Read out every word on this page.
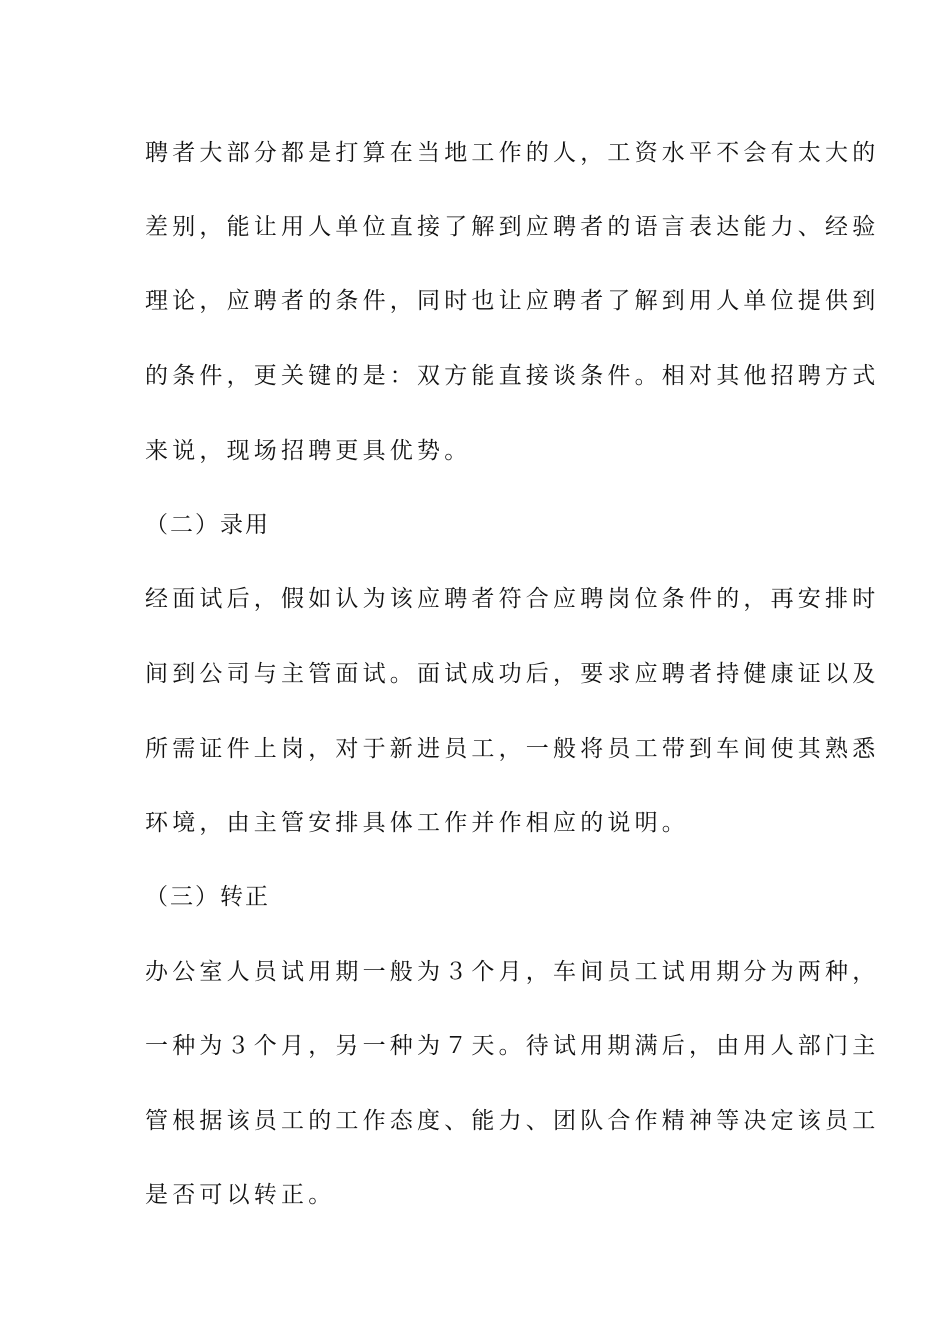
聘者大部分都是打算在当地工作的人，工资水平不会有太大的
差别，能让用人单位直接了解到应聘者的语言表达能力、经验
理论，应聘者的条件，同时也让应聘者了解到用人单位提供到
的条件，更关键的是：双方能直接谈条件。相对其他招聘方式
来说，现场招聘更具优势。
（二）录用
经面试后，假如认为该应聘者符合应聘岗位条件的，再安排时
间到公司与主管面试。面试成功后，要求应聘者持健康证以及
所需证件上岗，对于新进员工，一般将员工带到车间使其熟悉
环境，由主管安排具体工作并作相应的说明。
（三）转正
办公室人员试用期一般为３个月，车间员工试用期分为两种，
一种为３个月，另一种为７天。待试用期满后，由用人部门主
管根据该员工的工作态度、能力、团队合作精神等决定该员工
是否可以转正。
